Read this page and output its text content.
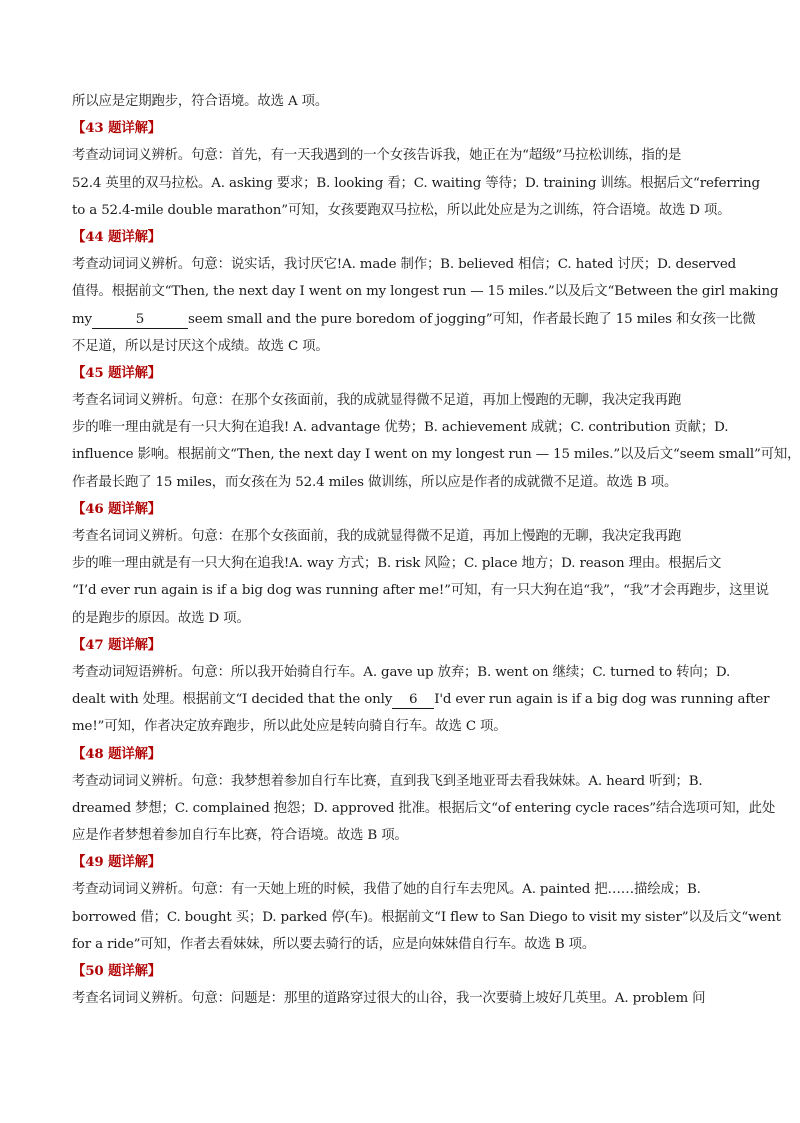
所以应是定期跑步，符合语境。故选 A 项。
【43 题详解】
考查动词词义辨析。句意：首先，有一天我遇到的一个女孩告诉我，她正在为“超级”马拉松训练，指的是
52.4 英里的双马拉松。A. asking 要求；B. looking 看；C. waiting 等待；D. training 训练。根据后文“referring
to a 52.4-mile double marathon”可知，女孩要跑双马拉松，所以此处应是为之训练，符合语境。故选 D 项。
【44 题详解】
考查动词词义辨析。句意：说实话，我讨厌它!A. made 制作；B. believed 相信；C. hated 讨厌；D. deserved
值得。根据前文“Then, the next day I went on my longest run — 15 miles.”以及后文“Between the girl making
my	5	seem small and the pure boredom of jogging”可知，作者最长跑了 15 miles 和女孩一比微
不足道，所以是讨厌这个成绩。故选 C 项。
【45 题详解】
考查名词词义辨析。句意：在那个女孩面前，我的成就显得微不足道，再加上慢跑的无聊，我决定我再跑
步的唯一理由就是有一只大狗在追我! A. advantage 优势；B. achievement 成就；C. contribution 贡献；D.
influence 影响。根据前文“Then, the next day I went on my longest run — 15 miles.”以及后文“seem small”可知，
作者最长跑了 15 miles，而女孩在为 52.4 miles 做训练，所以应是作者的成就微不足道。故选 B 项。
【46 题详解】
考查名词词义辨析。句意：在那个女孩面前，我的成就显得微不足道，再加上慢跑的无聊，我决定我再跑
步的唯一理由就是有一只大狗在追我!A. way 方式；B. risk 风险；C. place 地方；D. reason 理由。根据后文
“I’d ever run again is if a big dog was running after me!”可知，有一只大狗在追“我”，“我”才会再跑步，这里说
的是跑步的原因。故选 D 项。
【47 题详解】
考查动词短语辨析。句意：所以我开始骑自行车。A. gave up 放弃；B. went on 继续；C. turned to 转向；D.
dealt with 处理。根据前文“I decided that the only 6 I'd ever run again is if a big dog was running after
me!”可知，作者决定放弃跑步，所以此处应是转向骑自行车。故选 C 项。
【48 题详解】
考查动词词义辨析。句意：我梦想着参加自行车比赛，直到我飞到圣地亚哥去看我妹妹。A. heard 听到；B.
dreamed 梦想；C. complained 抱怨；D. approved 批准。根据后文“of entering cycle races”结合选项可知，此处
应是作者梦想着参加自行车比赛，符合语境。故选 B 项。
【49 题详解】
考查动词词义辨析。句意：有一天她上班的时候，我借了她的自行车去兜风。A. painted 把……描绘成；B.
borrowed 借；C. bought 买；D. parked 停(车)。根据前文“I flew to San Diego to visit my sister”以及后文“went
for a ride”可知，作者去看妹妹，所以要去骑行的话，应是向妹妹借自行车。故选 B 项。
【50 题详解】
考查名词词义辨析。句意：问题是：那里的道路穿过很大的山谷，我一次要骑上坡好几英里。A. problem 问
